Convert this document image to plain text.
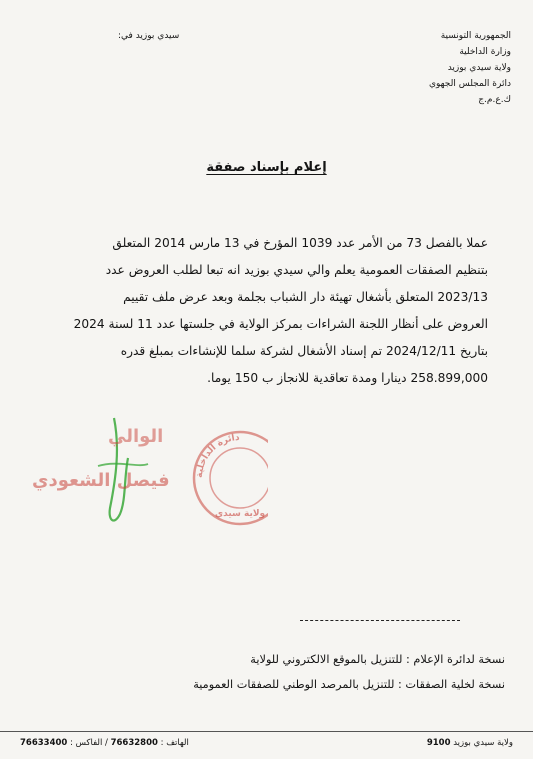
الجمهورية التونسية
وزارة الداخلية
ولاية سيدي بوزيد
دائرة المجلس الجهوي
ك.ع.م.ج
سيدي بوزيد في:
إعلام بإسناد صفقة
عملا بالفصل 73 من الأمر عدد 1039 المؤرخ في 13 مارس 2014 المتعلق
بتنظيم الصفقات العمومية يعلم والي سيدي بوزيد انه تبعا لطلب العروض عدد
2023/13 المتعلق بأشغال تهيئة دار الشباب بجلمة وبعد عرض ملف تقييم
العروض على أنظار اللجنة الشراءات بمركز الولاية في جلستها عدد 11 لسنة 2024
بتاريخ 2024/12/11 تم إسناد الأشغال لشركة سلما للإنشاءات بمبلغ قدره
258.899,000 دينارا ومدة تعاقدية للانجاز ب 150 يوما.
دائرة الداخلية
ولاية سيدي
الوالي
فيصل الشعودي
نسخة لدائرة الإعلام : للتنزيل بالموقع الالكتروني للولاية
نسخة لخلية الصفقات : للتنزيل بالمرصد الوطني للصفقات العمومية
الهاتف : 76632800 / الفاكس : 76633400	ولاية سيدي بوزيد 9100
